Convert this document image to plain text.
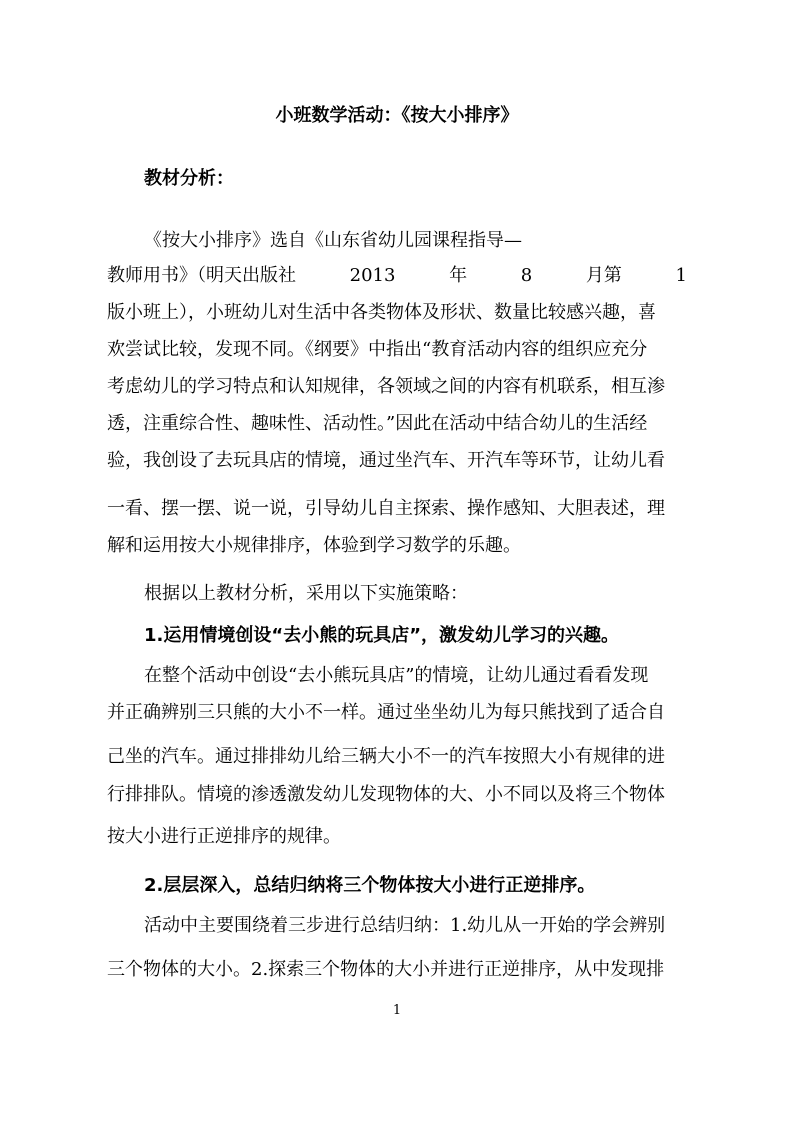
小班数学活动：《按大小排序》
教材分析：
《按大小排序》选自《山东省幼儿园课程指导—
教师用书》（明天出版社	2013	年	8	月第	1
版小班上），小班幼儿对生活中各类物体及形状、数量比较感兴趣，喜
欢尝试比较，发现不同。《纲要》中指出“教育活动内容的组织应充分
考虑幼儿的学习特点和认知规律，各领域之间的内容有机联系，相互渗
透，注重综合性、趣味性、活动性。”因此在活动中结合幼儿的生活经
验，我创设了去玩具店的情境，通过坐汽车、开汽车等环节，让幼儿看
一看、摆一摆、说一说，引导幼儿自主探索、操作感知、大胆表述，理
解和运用按大小规律排序，体验到学习数学的乐趣。
根据以上教材分析，采用以下实施策略：
1.运用情境创设“去小熊的玩具店”，激发幼儿学习的兴趣。
在整个活动中创设“去小熊玩具店”的情境，让幼儿通过看看发现
并正确辨别三只熊的大小不一样。通过坐坐幼儿为每只熊找到了适合自
己坐的汽车。通过排排幼儿给三辆大小不一的汽车按照大小有规律的进
行排排队。情境的渗透激发幼儿发现物体的大、小不同以及将三个物体
按大小进行正逆排序的规律。
2.层层深入，总结归纳将三个物体按大小进行正逆排序。
活动中主要围绕着三步进行总结归纳：1.幼儿从一开始的学会辨别
三个物体的大小。2.探索三个物体的大小并进行正逆排序，从中发现排
1
